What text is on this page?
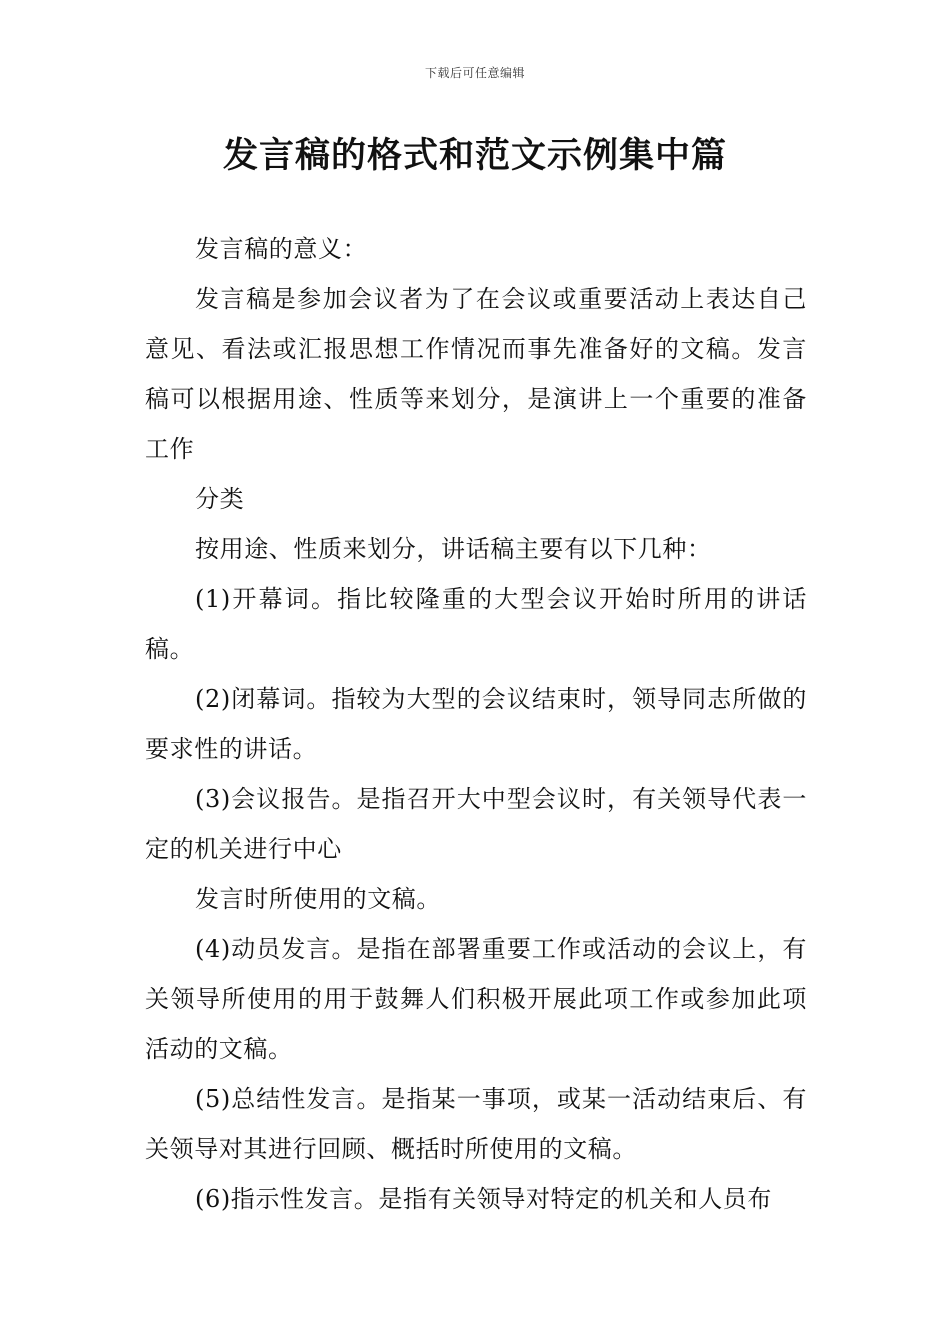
下载后可任意编辑
发言稿的格式和范文示例集中篇

发言稿的意义：

发言稿是参加会议者为了在会议或重要活动上表达自己意见、看法或汇报思想工作情况而事先准备好的文稿。发言稿可以根据用途、性质等来划分，是演讲上一个重要的准备工作

分类

按用途、性质来划分，讲话稿主要有以下几种：

(1)开幕词。指比较隆重的大型会议开始时所用的讲话稿。

(2)闭幕词。指较为大型的会议结束时，领导同志所做的要求性的讲话。

(3)会议报告。是指召开大中型会议时，有关领导代表一定的机关进行中心

发言时所使用的文稿。

(4)动员发言。是指在部署重要工作或活动的会议上，有关领导所使用的用于鼓舞人们积极开展此项工作或参加此项活动的文稿。

(5)总结性发言。是指某一事项，或某一活动结束后、有关领导对其进行回顾、概括时所使用的文稿。

(6)指示性发言。是指有关领导对特定的机关和人员布
